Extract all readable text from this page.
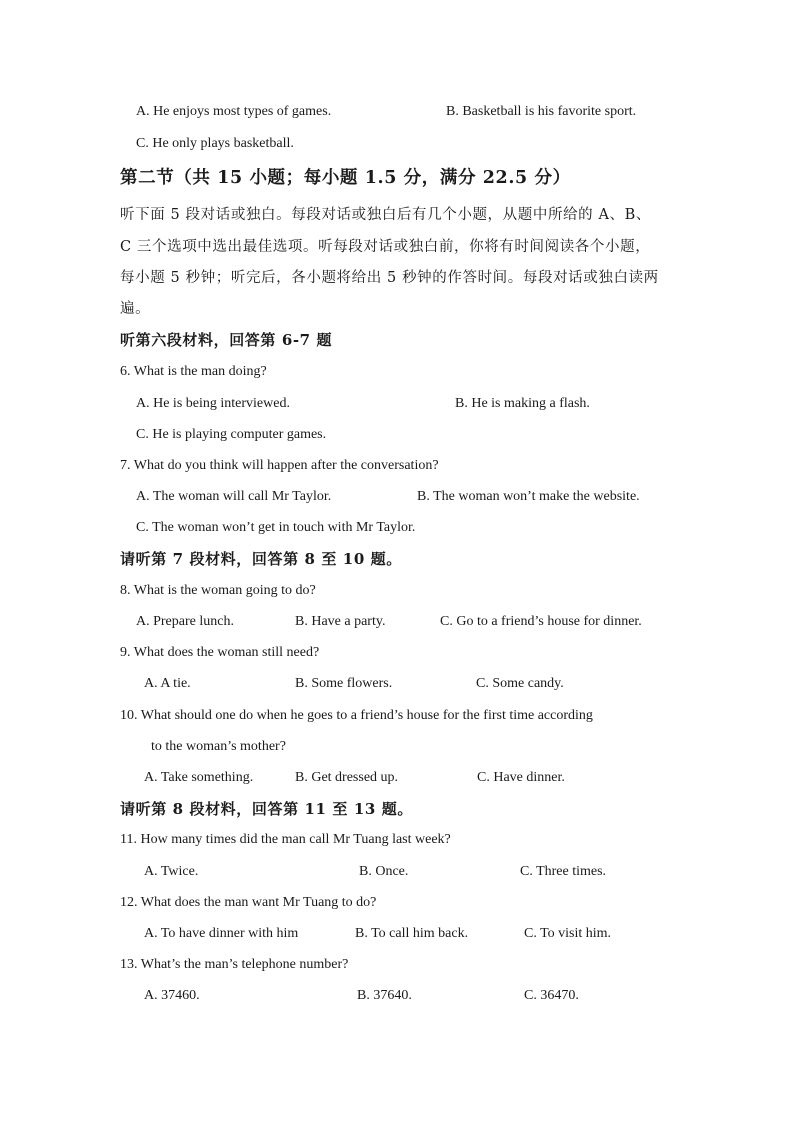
A. He enjoys most types of games.	B. Basketball is his favorite sport.
C. He only plays basketball.
第二节（共 15 小题；每小题 1.5 分，满分 22.5 分）
听下面 5 段对话或独白。每段对话或独白后有几个小题，从题中所给的 A、B、
C 三个选项中选出最佳选项。听每段对话或独白前，你将有时间阅读各个小题，
每小题 5 秒钟；听完后，各小题将给出 5 秒钟的作答时间。每段对话或独白读两
遍。
听第六段材料，回答第 6-7 题
6. What is the man doing?
A. He is being interviewed.	B. He is making a flash.
C. He is playing computer games.
7. What do you think will happen after the conversation?
A. The woman will call Mr Taylor.	B. The woman won’t make the website.
C. The woman won’t get in touch with Mr Taylor.
请听第 7 段材料，回答第 8 至 10 题。
8. What is the woman going to do?
A. Prepare lunch.	B. Have a party.	C. Go to a friend’s house for dinner.
9. What does the woman still need?
A. A tie.	B. Some flowers.	C. Some candy.
10. What should one do when he goes to a friend’s house for the first time according
to the woman’s mother?
A. Take something.	B. Get dressed up.	C. Have dinner.
请听第 8 段材料，回答第 11 至 13 题。
11. How many times did the man call Mr Tuang last week?
A. Twice.	B. Once.	C. Three times.
12. What does the man want Mr Tuang to do?
A. To have dinner with him	B. To call him back.	C. To visit him.
13. What’s the man’s telephone number?
A. 37460.	B. 37640.	C. 36470.
